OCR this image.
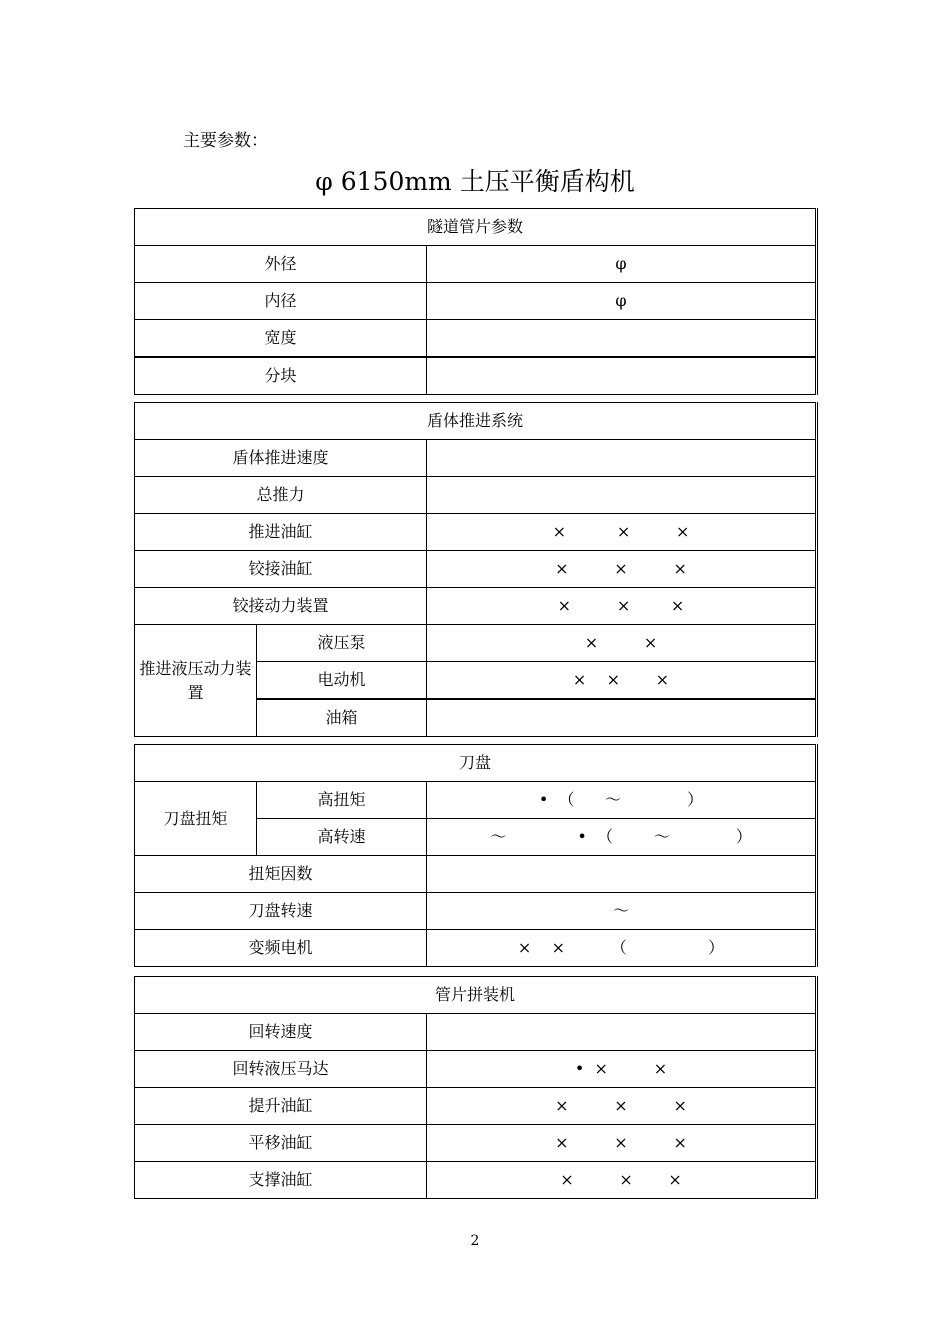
主要参数：
φ 6150mm 土压平衡盾构机
隧道管片参数	
外径	φ
内径	φ
宽度	
分块	
盾体推进系统		
盾体推进速度		
总推力		
推进油缸		×          ×         ×
铰接油缸		×         ×         ×
铰接动力装置		×         ×        ×
推进液压动力装置	液压泵	×         ×
	电动机	×    ×       ×
	油箱	
刀盘		
刀盘扭矩	高扭矩	•  （      ～             ）
	高转速	～              •  （        ～             ）
扭矩因数		
刀盘转速		～
变频电机		×    ×         （                ）
管片拼装机	
回转速度	
回转液压马达	•  ×         ×
提升油缸	×         ×         ×
平移油缸	×         ×         ×
支撑油缸	×         ×       ×
2
